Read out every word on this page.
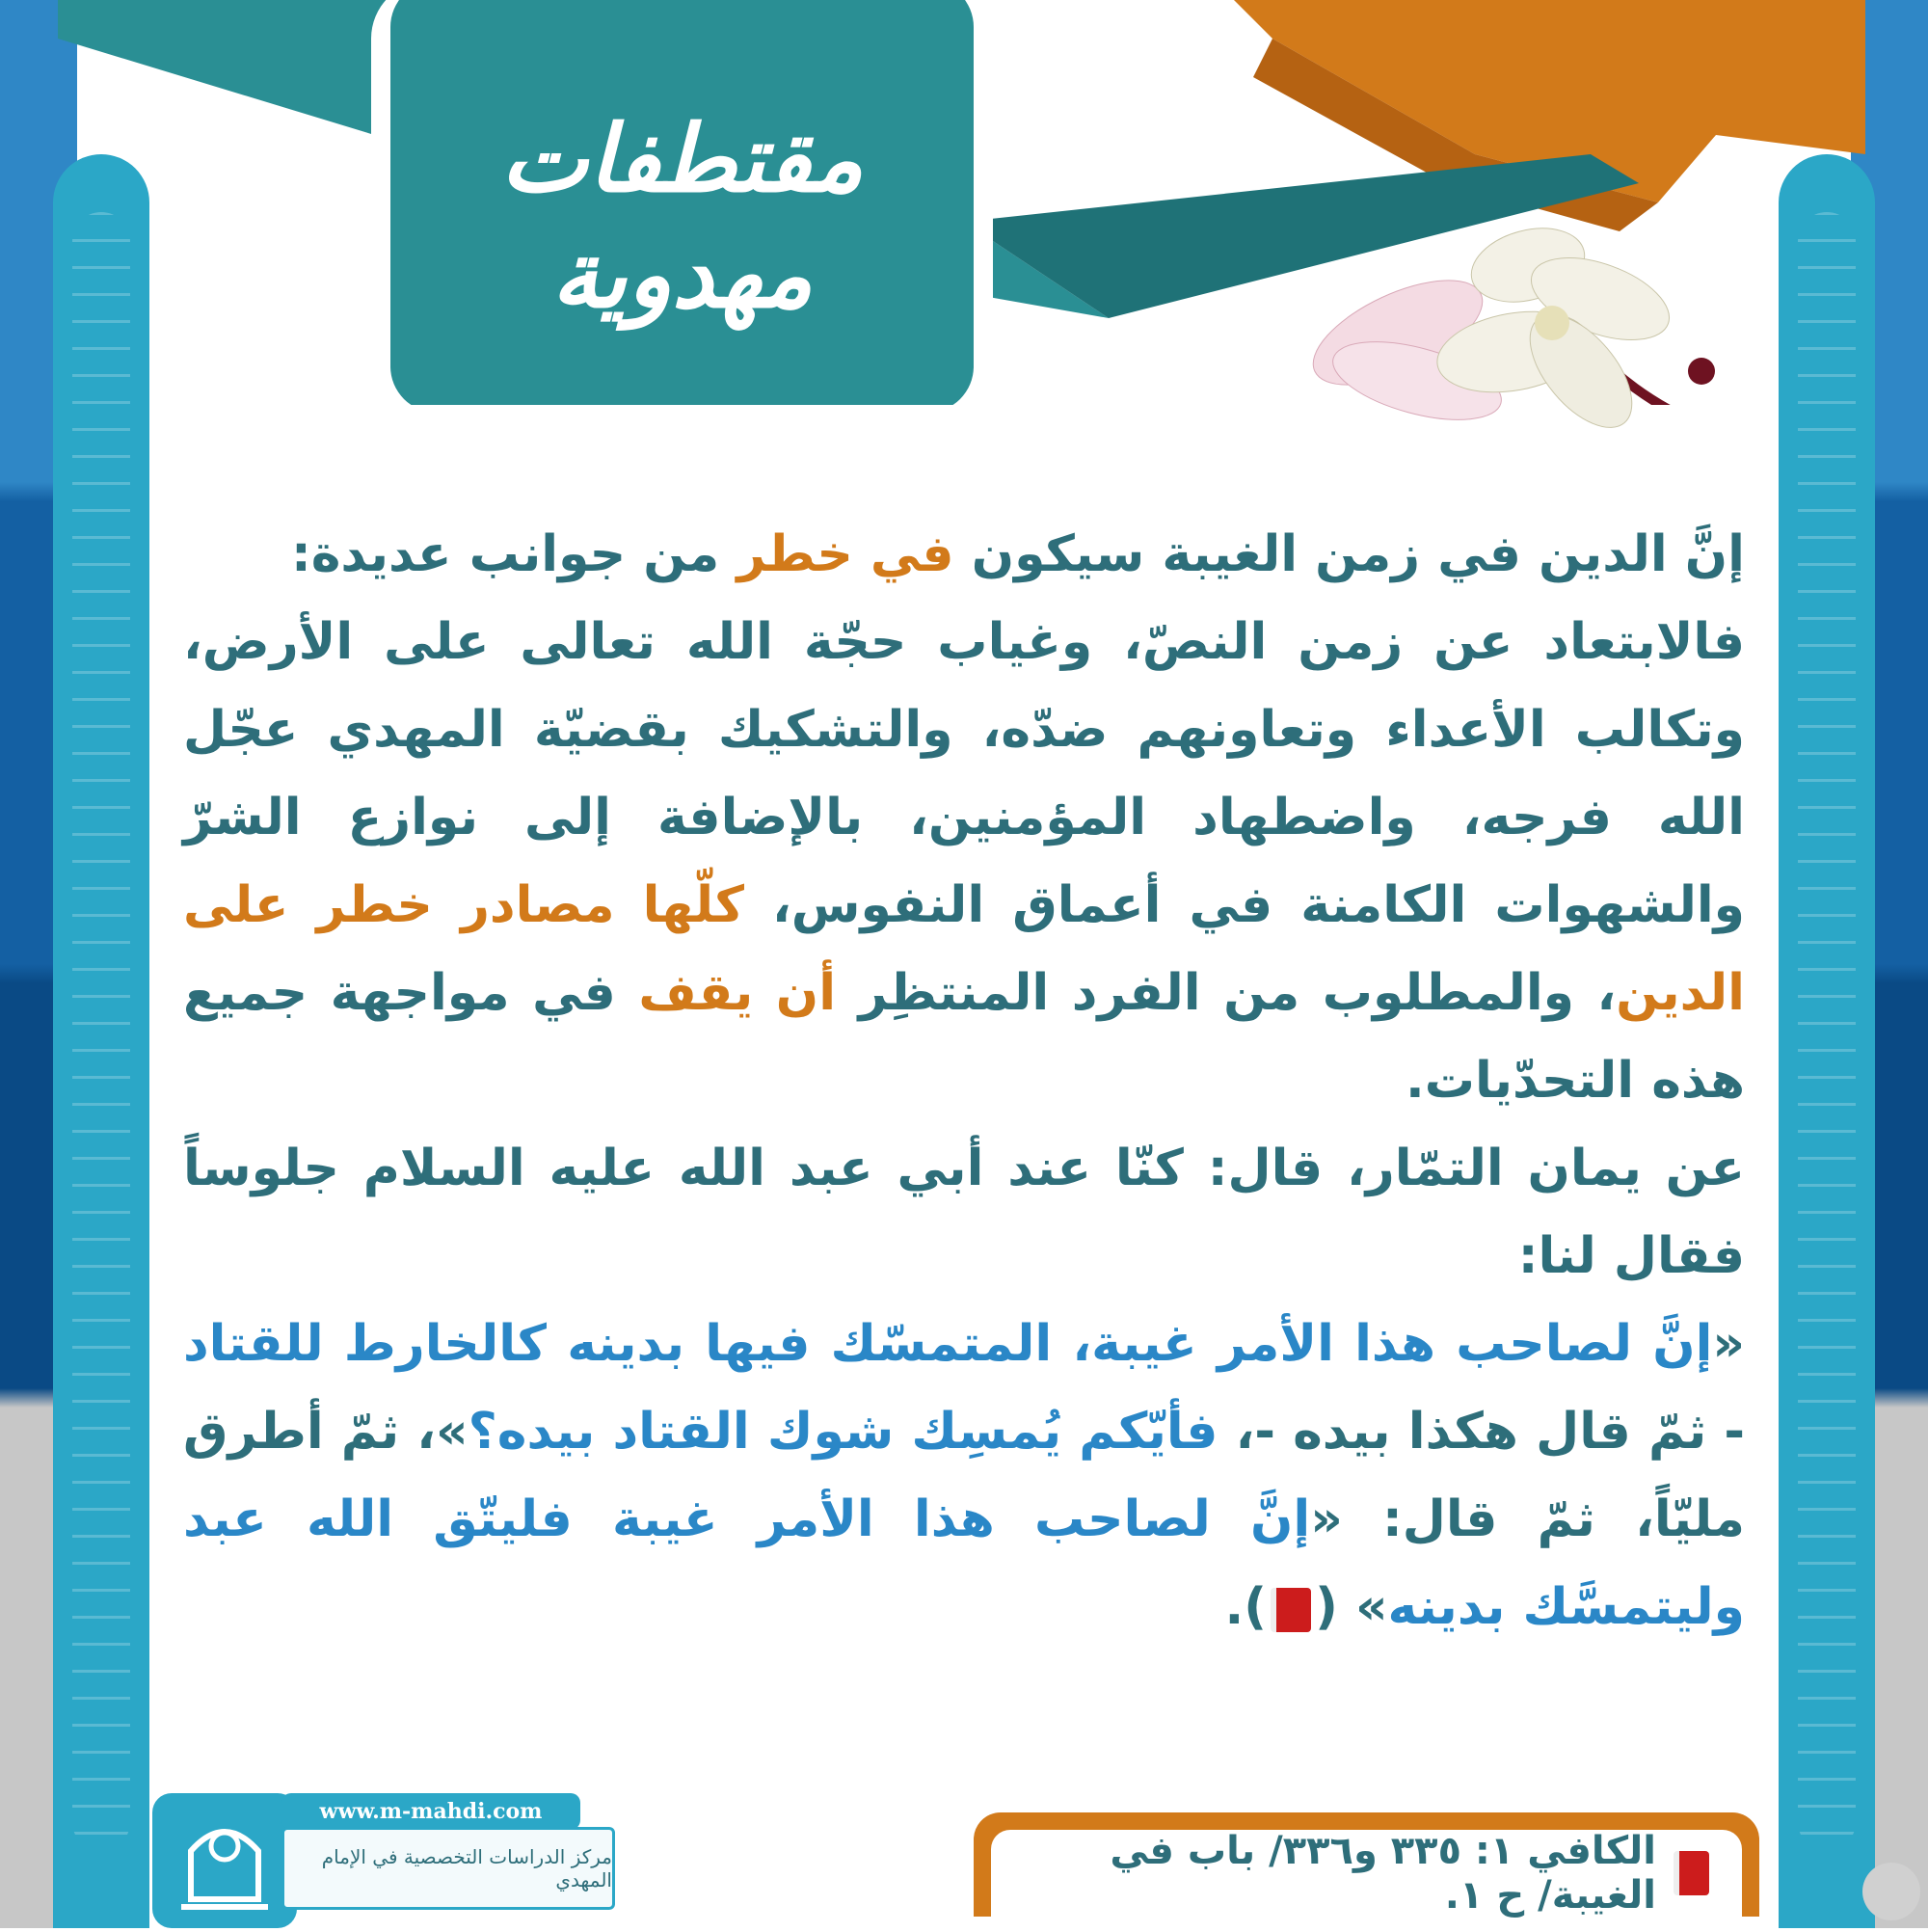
مقتطفات مهدوية

إنَّ الدين في زمن الغيبة سيكون في خطر من جوانب عديدة:

فالابتعاد عن زمن النصّ، وغياب حجّة الله تعالى على الأرض، وتكالب الأعداء وتعاونهم ضدّه، والتشكيك بقضيّة المهدي عجّل الله فرجه، واضطهاد المؤمنين، بالإضافة إلى نوازع الشرّ والشهوات الكامنة في أعماق النفوس، كلّها مصادر خطر على الدين، والمطلوب من الفرد المنتظِر أن يقف في مواجهة جميع هذه التحدّيات.

عن يمان التمّار، قال: كنّا عند أبي عبد الله عليه السلام جلوساً فقال لنا:
«إنَّ لصاحب هذا الأمر غيبة، المتمسّك فيها بدينه كالخارط للقتاد - ثمّ قال هكذا بيده -، فأيّكم يُمسِك شوك القتاد بيده؟»، ثمّ أطرق مليّاً، ثمّ قال: «إنَّ لصاحب هذا الأمر غيبة فليتّق الله عبد وليتمسَّك بدينه» ().

الكافي ١: ٣٣٥ و٣٣٦/ باب في الغيبة/ ح ١.
www.m-mahdi.com
مركز الدراسات التخصصية في الإمام المهدي
